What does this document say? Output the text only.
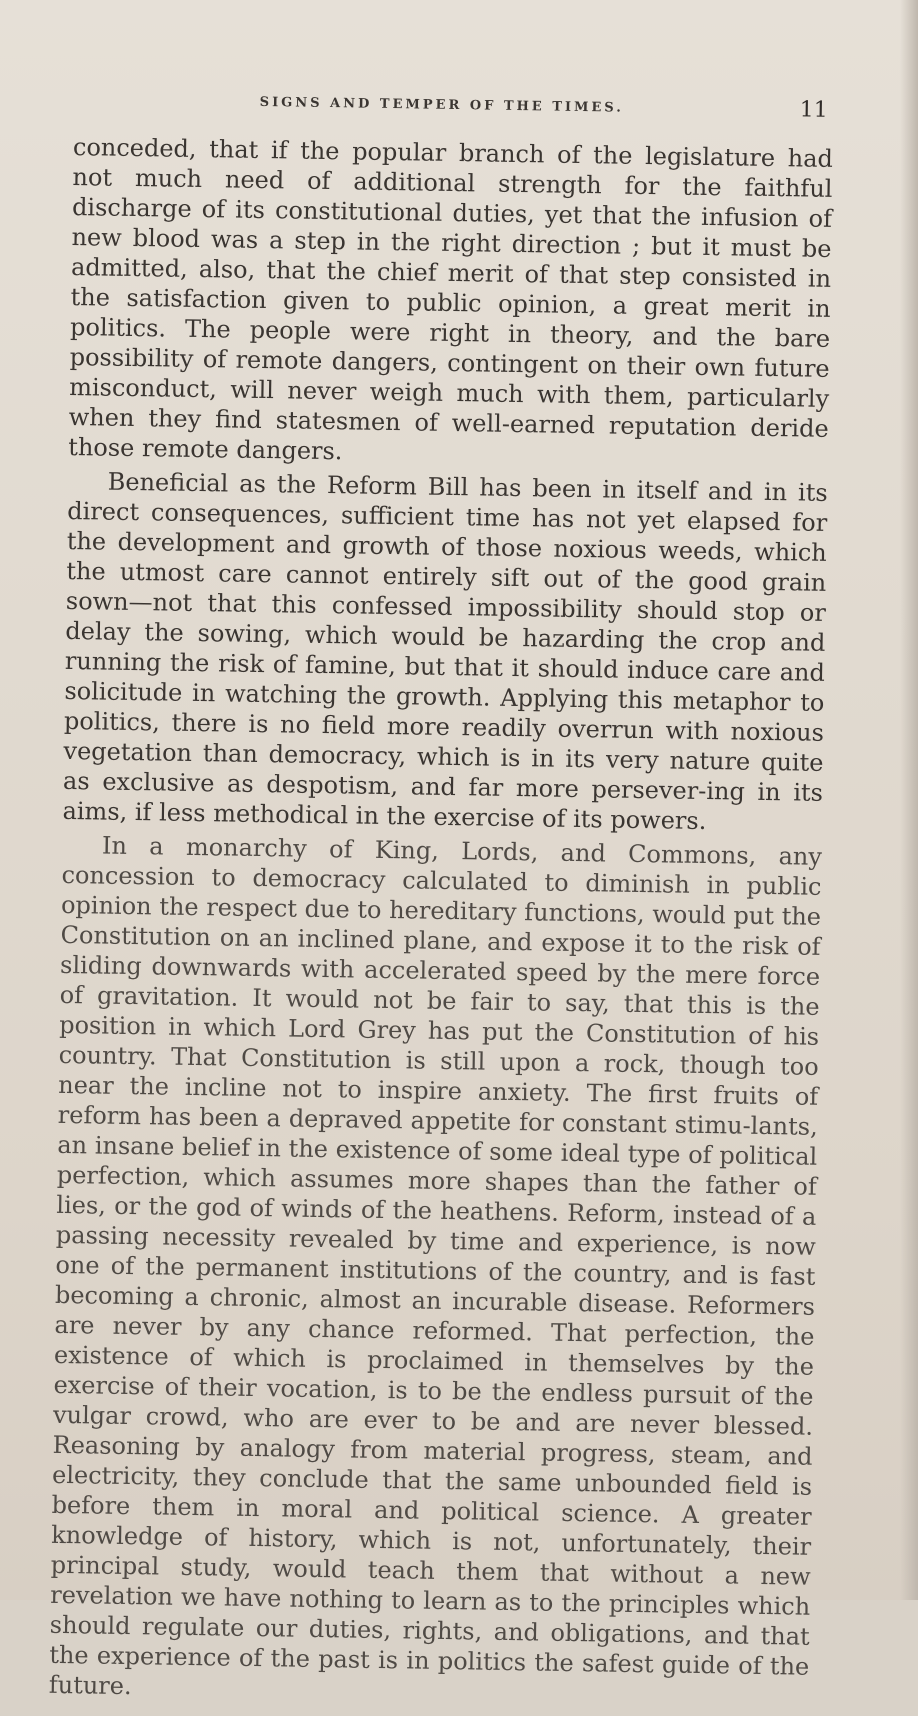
SIGNS AND TEMPER OF THE TIMES.	11

conceded, that if the popular branch of the legislature had not much need of additional strength for the faithful discharge of its constitutional duties, yet that the infusion of new blood was a step in the right direction ; but it must be admitted, also, that the chief merit of that step consisted in the satisfaction given to public opinion, a great merit in politics. The people were right in theory, and the bare possibility of remote dangers, contingent on their own future misconduct, will never weigh much with them, particularly when they find statesmen of well-earned reputation deride those remote dangers.

Beneficial as the Reform Bill has been in itself and in its direct consequences, sufficient time has not yet elapsed for the development and growth of those noxious weeds, which the utmost care cannot entirely sift out of the good grain sown—not that this confessed impossibility should stop or delay the sowing, which would be hazarding the crop and running the risk of famine, but that it should induce care and solicitude in watching the growth. Applying this metaphor to politics, there is no field more readily overrun with noxious vegetation than democracy, which is in its very nature quite as exclusive as despotism, and far more persever-ing in its aims, if less methodical in the exercise of its powers.

In a monarchy of King, Lords, and Commons, any concession to democracy calculated to diminish in public opinion the respect due to hereditary functions, would put the Constitution on an inclined plane, and expose it to the risk of sliding downwards with accelerated speed by the mere force of gravitation. It would not be fair to say, that this is the position in which Lord Grey has put the Constitution of his country. That Constitution is still upon a rock, though too near the incline not to inspire anxiety. The first fruits of reform has been a depraved appetite for constant stimu-lants, an insane belief in the existence of some ideal type of political perfection, which assumes more shapes than the father of lies, or the god of winds of the heathens. Reform, instead of a passing necessity revealed by time and experience, is now one of the permanent institutions of the country, and is fast becoming a chronic, almost an incurable disease. Reformers are never by any chance reformed. That perfection, the existence of which is proclaimed in themselves by the exercise of their vocation, is to be the endless pursuit of the vulgar crowd, who are ever to be and are never blessed. Reasoning by analogy from material progress, steam, and electricity, they conclude that the same unbounded field is before them in moral and political science. A greater knowledge of history, which is not, unfortunately, their principal study, would teach them that without a new revelation we have nothing to learn as to the principles which should regulate our duties, rights, and obligations, and that the experience of the past is in politics the safest guide of the future.
